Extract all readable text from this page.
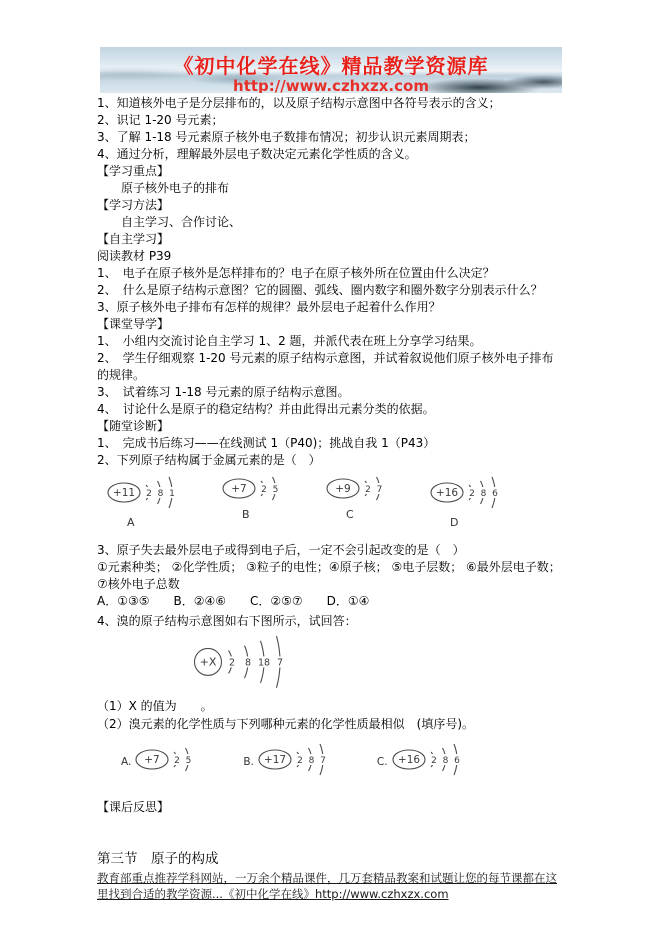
《初中化学在线》精品教学资源库
http://www.czhxzx.com

1、知道核外电子是分层排布的，以及原子结构示意图中各符号表示的含义；

2、识记 1-20 号元素；

3、了解 1-18 号元素原子核外电子数排布情况；初步认识元素周期表；

4、通过分析，理解最外层电子数决定元素化学性质的含义。

【学习重点】

原子核外电子的排布

【学习方法】

自主学习、合作讨论、

【自主学习】

阅读教材 P39

1、　电子在原子核外是怎样排布的？电子在原子核外所在位置由什么决定？

2、　什么是原子结构示意图？它的圆圈、弧线、圈内数字和圈外数字分别表示什么？

3、原子核外电子排布有怎样的规律？最外层电子起着什么作用？

【课堂导学】

1、　小组内交流讨论自主学习 1、2 题，并派代表在班上分享学习结果。

2、　学生仔细观察 1-20 号元素的原子结构示意图，并试着叙说他们原子核外电子排布的规律。

3、　试着练习 1-18 号元素的原子结构示意图。

4、　讨论什么是原子的稳定结构？并由此得出元素分类的依据。

【随堂诊断】

1、　完成书后练习——在线测试 1（P40)；挑战自我 1（P43）

2、下列原子结构属于金属元素的是（　）

+11 2 8 1
A
+7 2 5
B
+9 2 7
C
+16 2 8 6
D

3、原子失去最外层电子或得到电子后，一定不会引起改变的是（　）

①元素种类； ②化学性质； ③粒子的电性；④原子核； ⑤电子层数； ⑥最外层电子数；

⑦核外电子总数

A．①③⑤　　B．②④⑥　　C．②⑤⑦　　D．①④

4、溴的原子结构示意图如右下图所示，试回答：

+X 2 8 18 7

（1）X 的值为　　。

（2）溴元素的化学性质与下列哪种元素的化学性质最相似　(填序号)。

A. +7 2 5	B. +17 2 8 7	C. +16 2 8 6

【课后反思】

第三节　原子的构成

教育部重点推荐学科网站，一万余个精品课件，几万套精品教案和试题让您的每节课都在这里找到合适的教学资源...《初中化学在线》http://www.czhxzx.com
